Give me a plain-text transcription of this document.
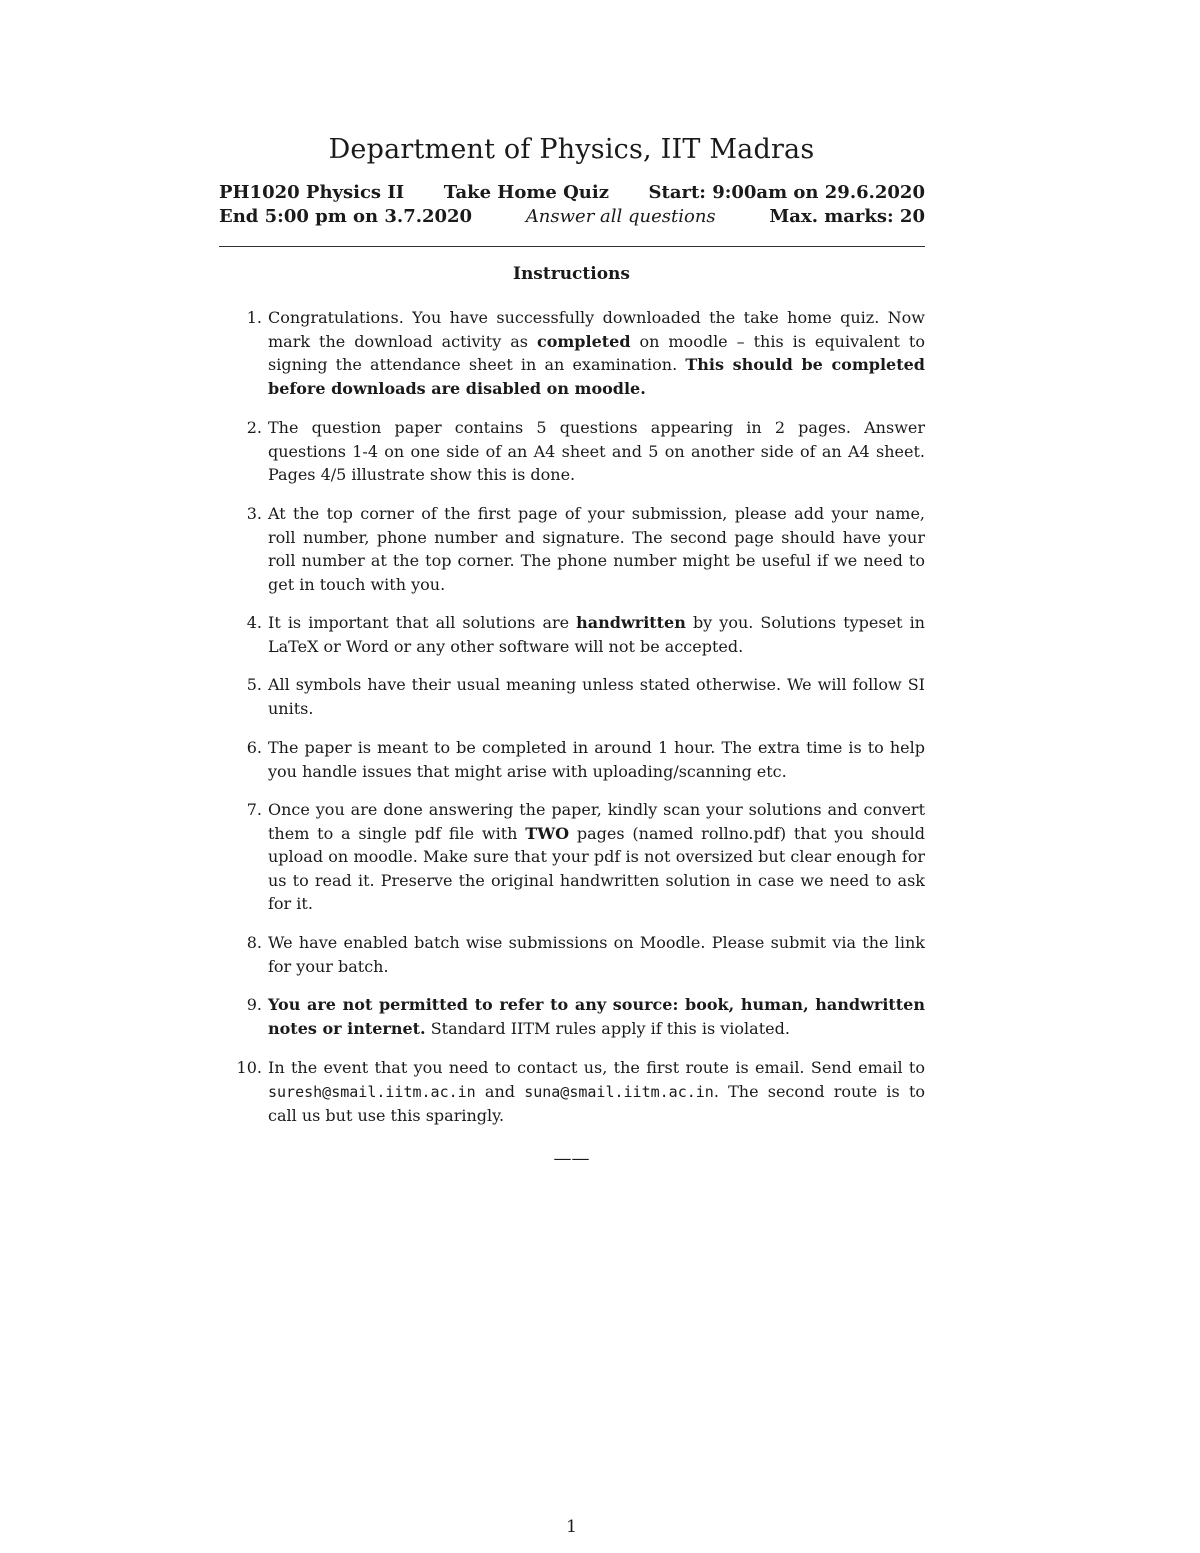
Department of Physics, IIT Madras
PH1020 Physics II Take Home Quiz Start: 9:00am on 29.6.2020
End 5:00 pm on 3.7.2020	Answer all questions	Max. marks: 20
Instructions
1. Congratulations. You have successfully downloaded the take home quiz. Now mark the download activity as completed on moodle – this is equivalent to signing the attendance sheet in an examination. This should be completed before downloads are disabled on moodle.
2. The question paper contains 5 questions appearing in 2 pages. Answer questions 1-4 on one side of an A4 sheet and 5 on another side of an A4 sheet. Pages 4/5 illustrate show this is done.
3. At the top corner of the first page of your submission, please add your name, roll number, phone number and signature. The second page should have your roll number at the top corner. The phone number might be useful if we need to get in touch with you.
4. It is important that all solutions are handwritten by you. Solutions typeset in LaTeX or Word or any other software will not be accepted.
5. All symbols have their usual meaning unless stated otherwise. We will follow SI units.
6. The paper is meant to be completed in around 1 hour. The extra time is to help you handle issues that might arise with uploading/scanning etc.
7. Once you are done answering the paper, kindly scan your solutions and convert them to a single pdf file with TWO pages (named rollno.pdf) that you should upload on moodle. Make sure that your pdf is not oversized but clear enough for us to read it. Preserve the original handwritten solution in case we need to ask for it.
8. We have enabled batch wise submissions on Moodle. Please submit via the link for your batch.
9. You are not permitted to refer to any source: book, human, handwritten notes or internet. Standard IITM rules apply if this is violated.
10. In the event that you need to contact us, the first route is email. Send email to suresh@smail.iitm.ac.in and suna@smail.iitm.ac.in. The second route is to call us but use this sparingly.
——
1
